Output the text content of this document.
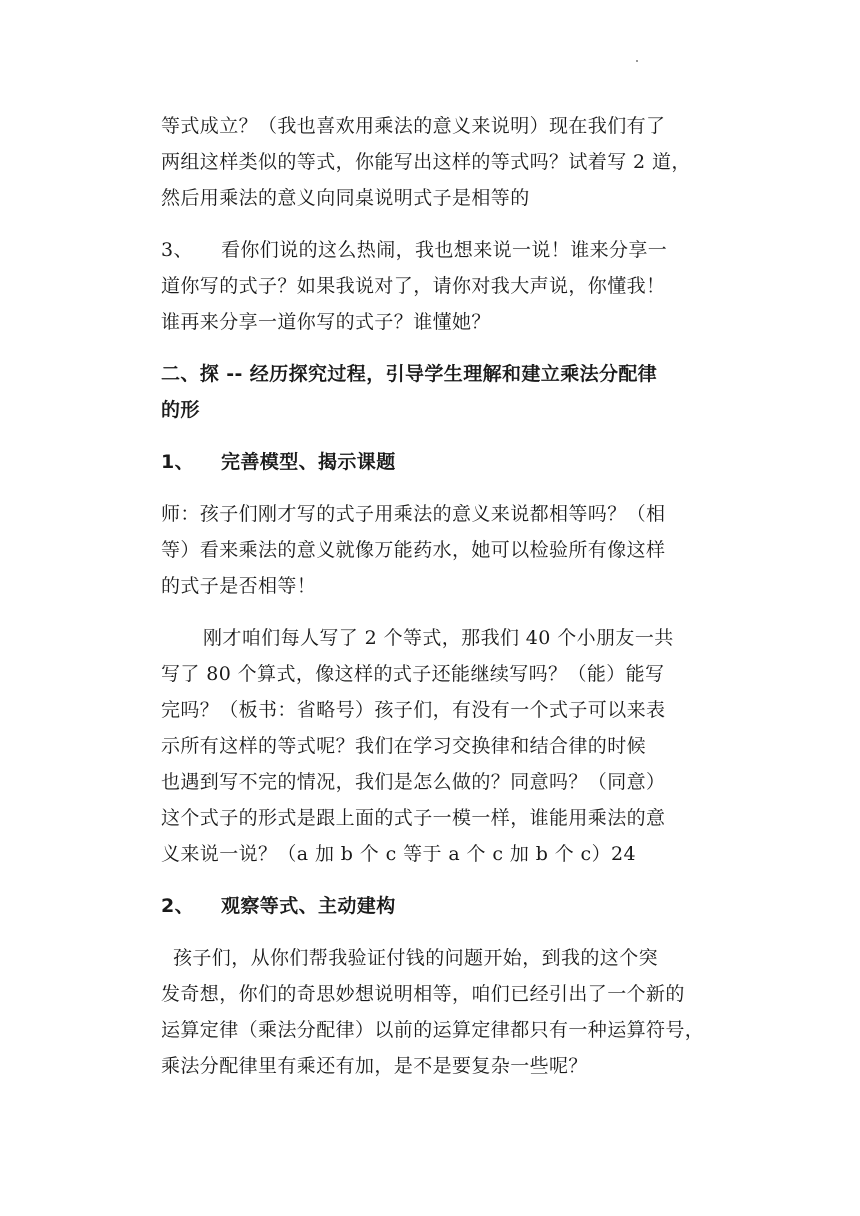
等式成立？（我也喜欢用乘法的意义来说明）现在我们有了
两组这样类似的等式，你能写出这样的等式吗？试着写 2 道，
然后用乘法的意义向同桌说明式子是相等的

3、	看你们说的这么热闹，我也想来说一说！谁来分享一
道你写的式子？如果我说对了，请你对我大声说，你懂我！
谁再来分享一道你写的式子？谁懂她？
二、探 -- 经历探究过程，引导学生理解和建立乘法分配律
的形
1、	完善模型、揭示课题

师：孩子们刚才写的式子用乘法的意义来说都相等吗？（相
等）看来乘法的意义就像万能药水，她可以检验所有像这样
的式子是否相等！

刚才咱们每人写了 2 个等式，那我们 40 个小朋友一共
写了 80 个算式，像这样的式子还能继续写吗？（能）能写
完吗？（板书：省略号）孩子们，有没有一个式子可以来表
示所有这样的等式呢？我们在学习交换律和结合律的时候
也遇到写不完的情况，我们是怎么做的？同意吗？（同意）
这个式子的形式是跟上面的式子一模一样，谁能用乘法的意
义来说一说？（a 加 b 个 c 等于 a 个 c 加 b 个 c）24

2、	观察等式、主动建构

孩子们，从你们帮我验证付钱的问题开始，到我的这个突
发奇想，你们的奇思妙想说明相等，咱们已经引出了一个新的
运算定律（乘法分配律）以前的运算定律都只有一种运算符号，
乘法分配律里有乘还有加，是不是要复杂一些呢？
